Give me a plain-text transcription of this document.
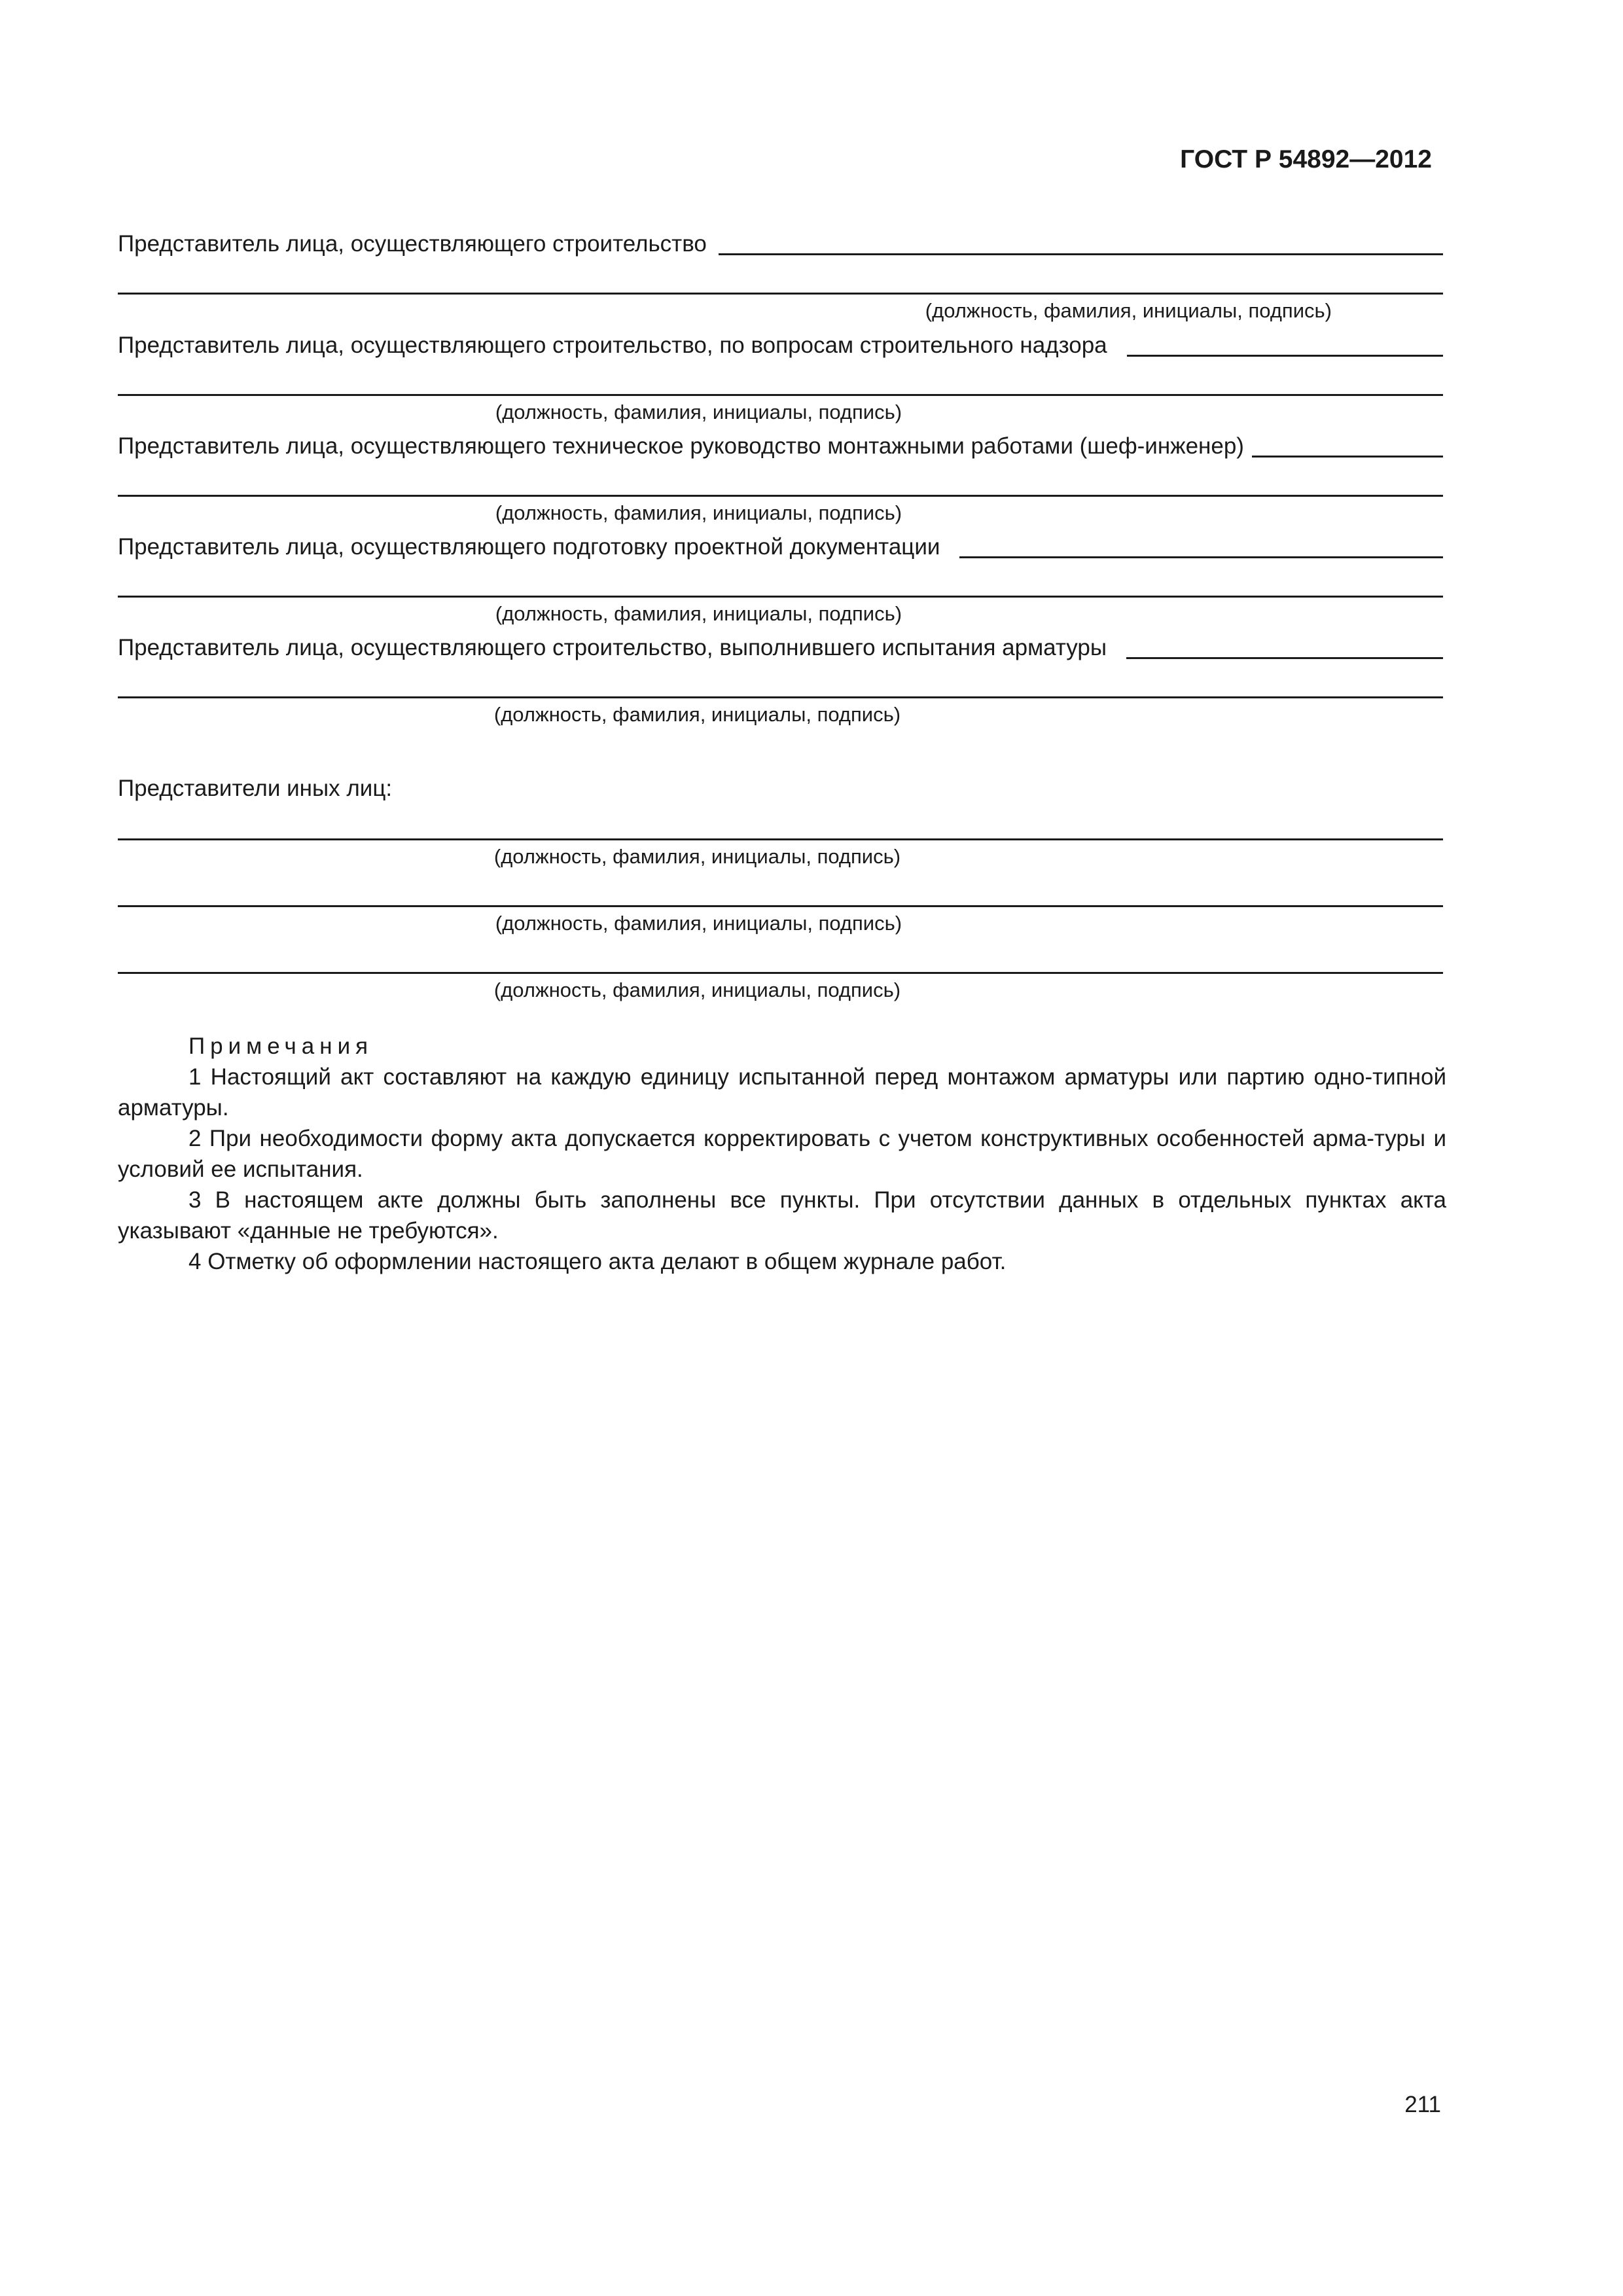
ГОСТ Р 54892—2012
Представитель лица, осуществляющего строительство
(должность, фамилия, инициалы, подпись)
Представитель лица, осуществляющего строительство, по вопросам строительного надзора
(должность, фамилия, инициалы, подпись)
Представитель лица, осуществляющего техническое руководство монтажными работами (шеф-инженер)
(должность, фамилия, инициалы, подпись)
Представитель лица, осуществляющего подготовку проектной документации
(должность, фамилия, инициалы, подпись)
Представитель лица, осуществляющего строительство, выполнившего испытания арматуры
(должность, фамилия, инициалы, подпись)
Представители иных лиц:
(должность, фамилия, инициалы, подпись)
(должность, фамилия, инициалы, подпись)
(должность, фамилия, инициалы, подпись)
Примечания

1 Настоящий акт составляют на каждую единицу испытанной перед монтажом арматуры или партию одно-типной арматуры.

2 При необходимости форму акта допускается корректировать с учетом конструктивных особенностей арма-туры и условий ее испытания.

3 В настоящем акте должны быть заполнены все пункты. При отсутствии данных в отдельных пунктах акта указывают «данные не требуются».

4 Отметку об оформлении настоящего акта делают в общем журнале работ.

211
